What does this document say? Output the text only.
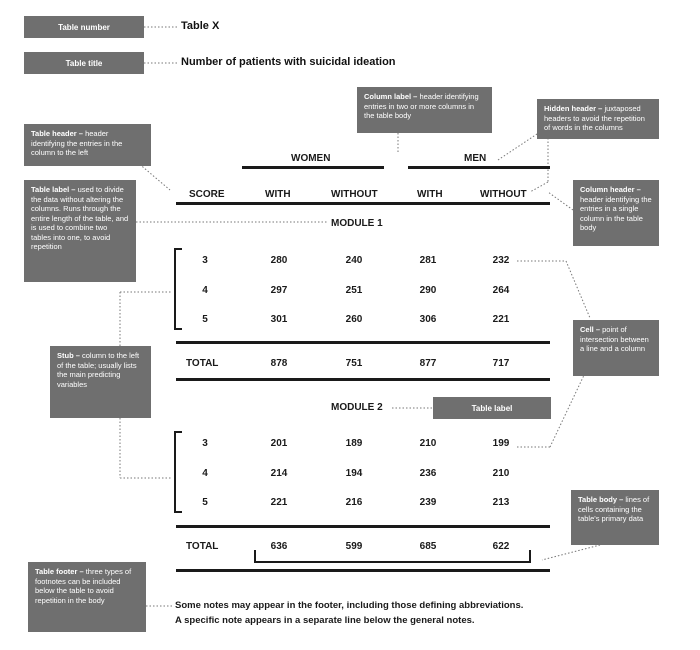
Table number	Table X
Table title	Number of patients with suicidal ideation
Column label – header identifying entries in two or more columns in the table body
Hidden header – juxtaposed headers to avoid the repetition of words in the columns
Table header – header identifying the entries in the column to the left
Table label – used to divide the data without altering the columns. Runs through the entire length of the table, and is used to combine two tables into one, to avoid repetition
Column header – header identifying the entries in a single column in the table body
Cell – point of intersection between a line and a column
Stub – column to the left of the table; usually lists the main predicting variables
Table label
Table body – lines of cells containing the table's primary data
Table footer – three types of footnotes can be included below the table to avoid repetition in the body
WOMEN	MEN
SCORE	WITH	WITHOUT	WITH	WITHOUT
MODULE 1
3	280	240	281	232
4	297	251	290	264
5	301	260	306	221
TOTAL	878	751	877	717
MODULE 2
3	201	189	210	199
4	214	194	236	210
5	221	216	239	213
TOTAL	636	599	685	622
Some notes may appear in the footer, including those defining abbreviations.
A specific note appears in a separate line below the general notes.
